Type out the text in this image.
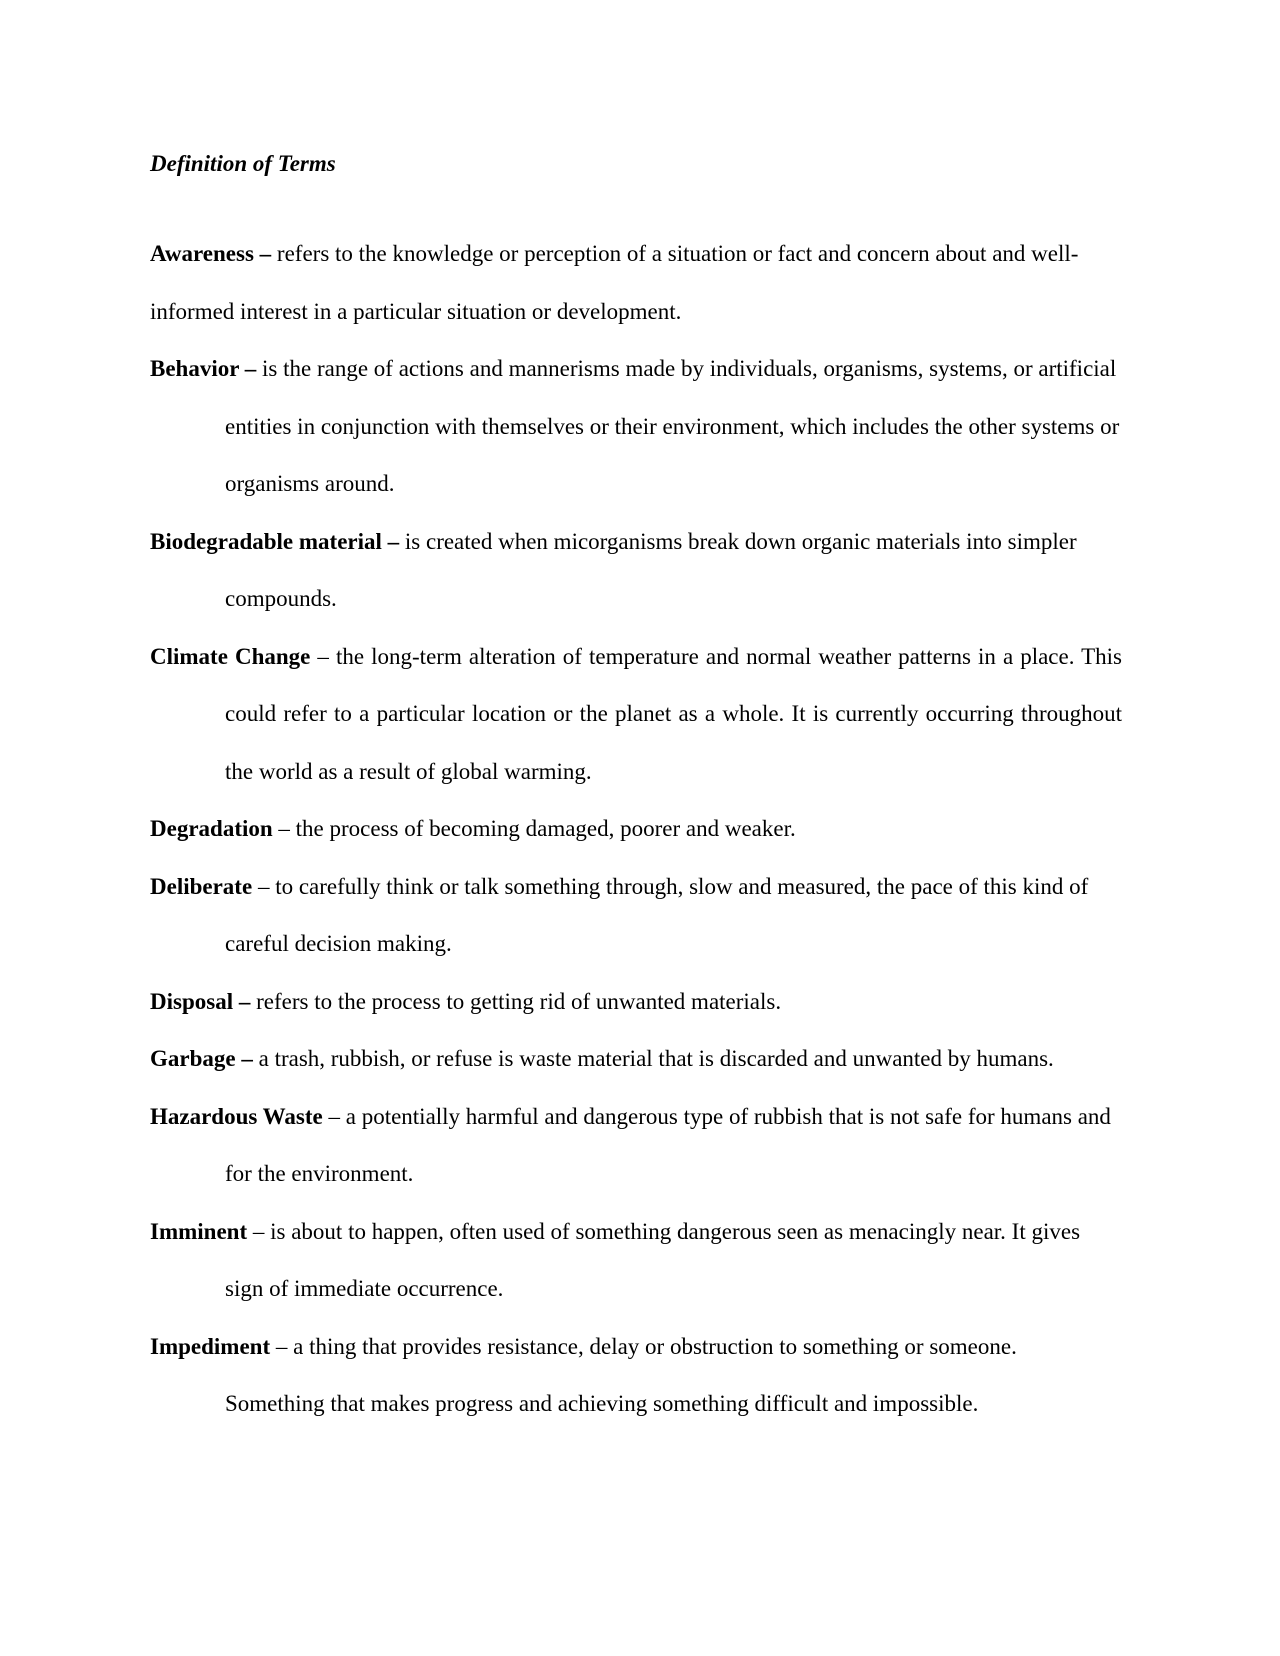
Definition of Terms

Awareness – refers to the knowledge or perception of a situation or fact and concern about and well-informed interest in a particular situation or development.

Behavior – is the range of actions and mannerisms made by individuals, organisms, systems, or artificial entities in conjunction with themselves or their environment, which includes the other systems or organisms around.

Biodegradable material – is created when micorganisms break down organic materials into simpler compounds.

Climate Change – the long-term alteration of temperature and normal weather patterns in a place. This could refer to a particular location or the planet as a whole. It is currently occurring throughout the world as a result of global warming.

Degradation – the process of becoming damaged, poorer and weaker.

Deliberate – to carefully think or talk something through, slow and measured, the pace of this kind of careful decision making.

Disposal – refers to the process to getting rid of unwanted materials.

Garbage – a trash, rubbish, or refuse is waste material that is discarded and unwanted by humans.

Hazardous Waste – a potentially harmful and dangerous type of rubbish that is not safe for humans and for the environment.

Imminent – is about to happen, often used of something dangerous seen as menacingly near. It gives sign of immediate occurrence.

Impediment – a thing that provides resistance, delay or obstruction to something or someone. Something that makes progress and achieving something difficult and impossible.
